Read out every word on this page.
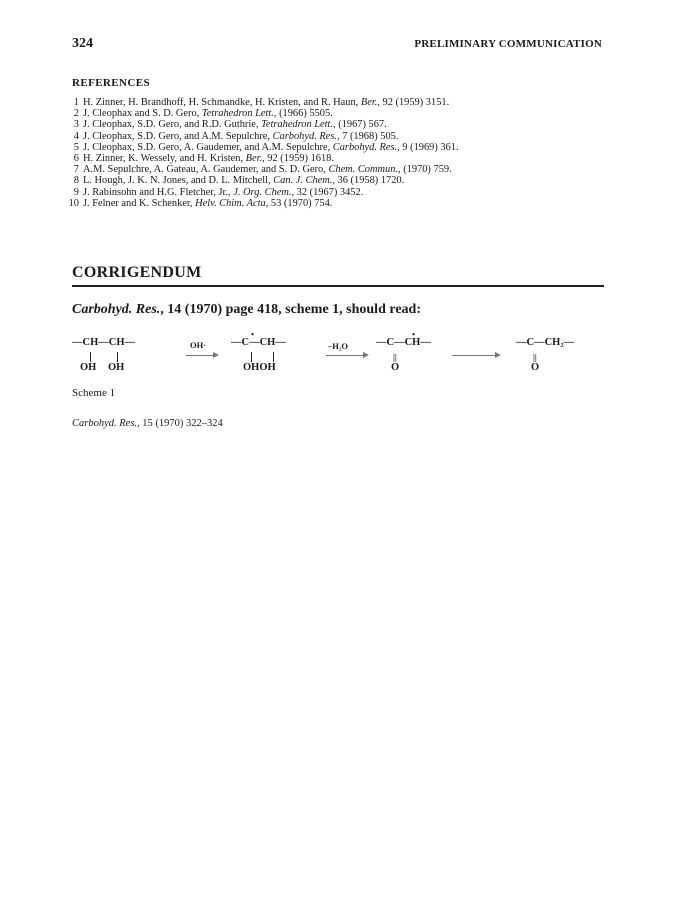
324	PRELIMINARY COMMUNICATION
REFERENCES
1 H. Zinner, H. Brandhoff, H. Schmandke, H. Kristen, and R. Haun, Ber., 92 (1959) 3151.
2 J. Cleophax and S. D. Gero, Tetrahedron Lett., (1966) 5505.
3 J. Cleophax, S.D. Gero, and R.D. Guthrie, Tetrahedron Lett., (1967) 567.
4 J. Cleophax, S.D. Gero, and A.M. Sepulchre, Carbohyd. Res., 7 (1968) 505.
5 J. Cleophax, S.D. Gero, A. Gaudemer, and A.M. Sepulchre, Carbohyd. Res., 9 (1969) 361.
6 H. Zinner, K. Wessely, and H. Kristen, Ber., 92 (1959) 1618.
7 A.M. Sepulchre, A. Gateau, A. Gaudemer, and S. D. Gero, Chem. Commun., (1970) 759.
8 L. Hough, J. K. N. Jones, and D. L. Mitchell, Can. J. Chem., 36 (1958) 1720.
9 J. Rabinsohn and H.G. Fletcher, Jr., J. Org. Chem., 32 (1967) 3452.
10 J. Felner and K. Schenker, Helv. Chim. Acta, 53 (1970) 754.
CORRIGENDUM
Carbohyd. Res., 14 (1970) page 418, scheme 1, should read:
—CH—CH—
OH OH
OH· —C—CH—
•
OHOH
–H₂O	—C—CH—
•
||
O
—C—CH₂—
||
O
Scheme 1
Carbohyd. Res., 15 (1970) 322–324
